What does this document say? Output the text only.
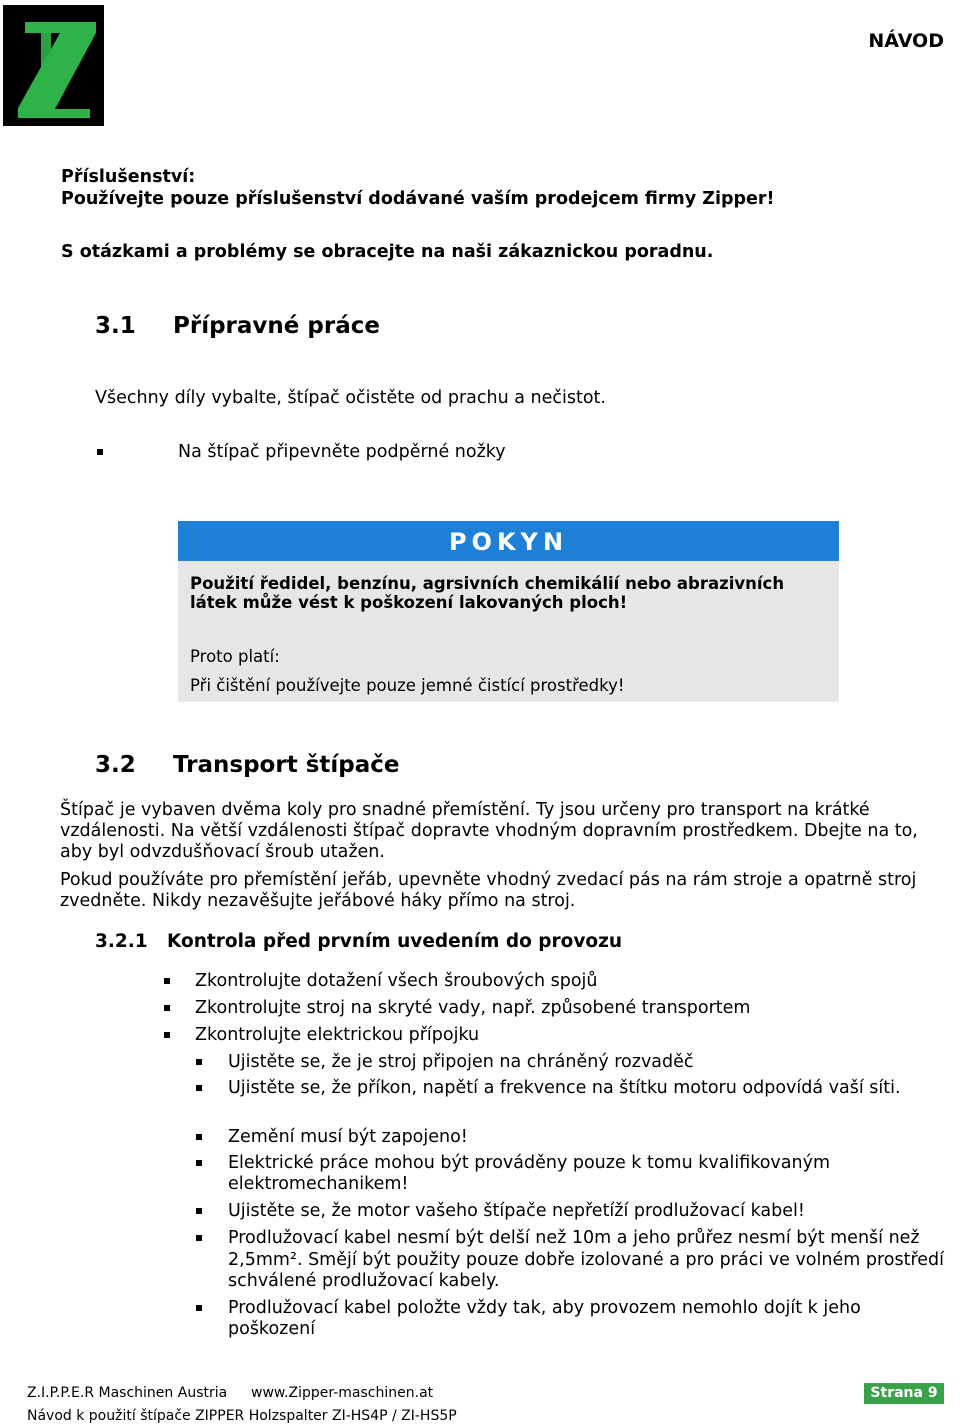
NÁVOD
Příslušenství:
Používejte pouze příslušenství dodávané vaším prodejcem firmy Zipper!
S otázkami a problémy se obracejte na naši zákaznickou poradnu.
3.1 Přípravné práce
Všechny díly vybalte, štípač očistěte od prachu a nečistot.
Na štípač připevněte podpěrné nožky
POKYN
Použití ředidel, benzínu, agrsivních chemikálií nebo abrazivních
látek může vést k poškození lakovaných ploch!
Proto platí:
Při čištění používejte pouze jemné čistící prostředky!
3.2 Transport štípače
Štípač je vybaven dvěma koly pro snadné přemístění. Ty jsou určeny pro transport na krátké vzdálenosti. Na větší vzdálenosti štípač dopravte vhodným dopravním prostředkem. Dbejte na to, aby byl odvzdušňovací šroub utažen.
Pokud používáte pro přemístění jeřáb, upevněte vhodný zvedací pás na rám stroje a opatrně stroj zvedněte. Nikdy nezavěšujte jeřábové háky přímo na stroj.
3.2.1 Kontrola před prvním uvedením do provozu
Zkontrolujte dotažení všech šroubových spojů
Zkontrolujte stroj na skryté vady, např. způsobené transportem
Zkontrolujte elektrickou přípojku
Ujistěte se, že je stroj připojen na chráněný rozvaděč
Ujistěte se, že příkon, napětí a frekvence na štítku motoru odpovídá vaší síti.
Zemění musí být zapojeno!
Elektrické práce mohou být prováděny pouze k tomu kvalifikovaným elektromechanikem!
Ujistěte se, že motor vašeho štípače nepřetíží prodlužovací kabel!
Prodlužovací kabel nesmí být delší než 10m a jeho průřez nesmí být menší než 2,5mm². Smějí být použity pouze dobře izolované a pro práci ve volném prostředí schválené prodlužovací kabely.
Prodlužovací kabel položte vždy tak, aby provozem nemohlo dojít k jeho poškození
Z.I.P.P.E.R Maschinen Austria www.Zipper-maschinen.at	Strana 9
Návod k použití štípače ZIPPER Holzspalter ZI-HS4P / ZI-HS5P
